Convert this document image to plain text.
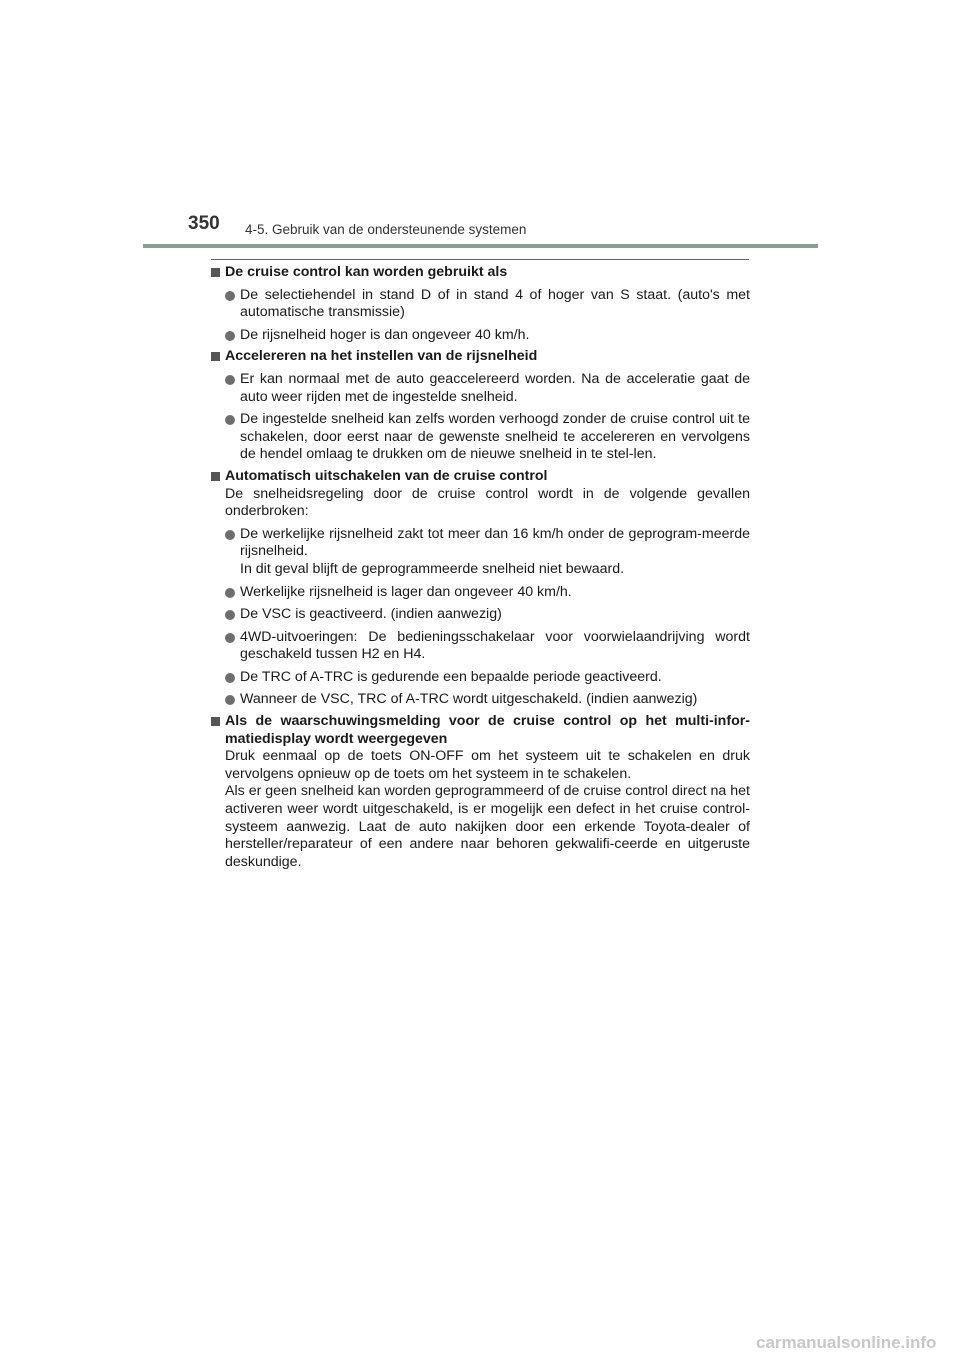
350 4-5. Gebruik van de ondersteunende systemen
De cruise control kan worden gebruikt als
De selectiehendel in stand D of in stand 4 of hoger van S staat. (auto's met automatische transmissie)
De rijsnelheid hoger is dan ongeveer 40 km/h.
Accelereren na het instellen van de rijsnelheid
Er kan normaal met de auto geaccelereerd worden. Na de acceleratie gaat de auto weer rijden met de ingestelde snelheid.
De ingestelde snelheid kan zelfs worden verhoogd zonder de cruise control uit te schakelen, door eerst naar de gewenste snelheid te accelereren en vervolgens de hendel omlaag te drukken om de nieuwe snelheid in te stel-len.
Automatisch uitschakelen van de cruise control
De snelheidsregeling door de cruise control wordt in de volgende gevallen onderbroken:
De werkelijke rijsnelheid zakt tot meer dan 16 km/h onder de geprogram-meerde rijsnelheid.
In dit geval blijft de geprogrammeerde snelheid niet bewaard.
Werkelijke rijsnelheid is lager dan ongeveer 40 km/h.
De VSC is geactiveerd. (indien aanwezig)
4WD-uitvoeringen: De bedieningsschakelaar voor voorwielaandrijving wordt geschakeld tussen H2 en H4.
De TRC of A-TRC is gedurende een bepaalde periode geactiveerd.
Wanneer de VSC, TRC of A-TRC wordt uitgeschakeld. (indien aanwezig)
Als de waarschuwingsmelding voor de cruise control op het multi-infor-matiedisplay wordt weergegeven
Druk eenmaal op de toets ON-OFF om het systeem uit te schakelen en druk vervolgens opnieuw op de toets om het systeem in te schakelen.
Als er geen snelheid kan worden geprogrammeerd of de cruise control direct na het activeren weer wordt uitgeschakeld, is er mogelijk een defect in het cruise control-systeem aanwezig. Laat de auto nakijken door een erkende Toyota-dealer of hersteller/reparateur of een andere naar behoren gekwalifi-ceerde en uitgeruste deskundige.
carmanualsonline.info
